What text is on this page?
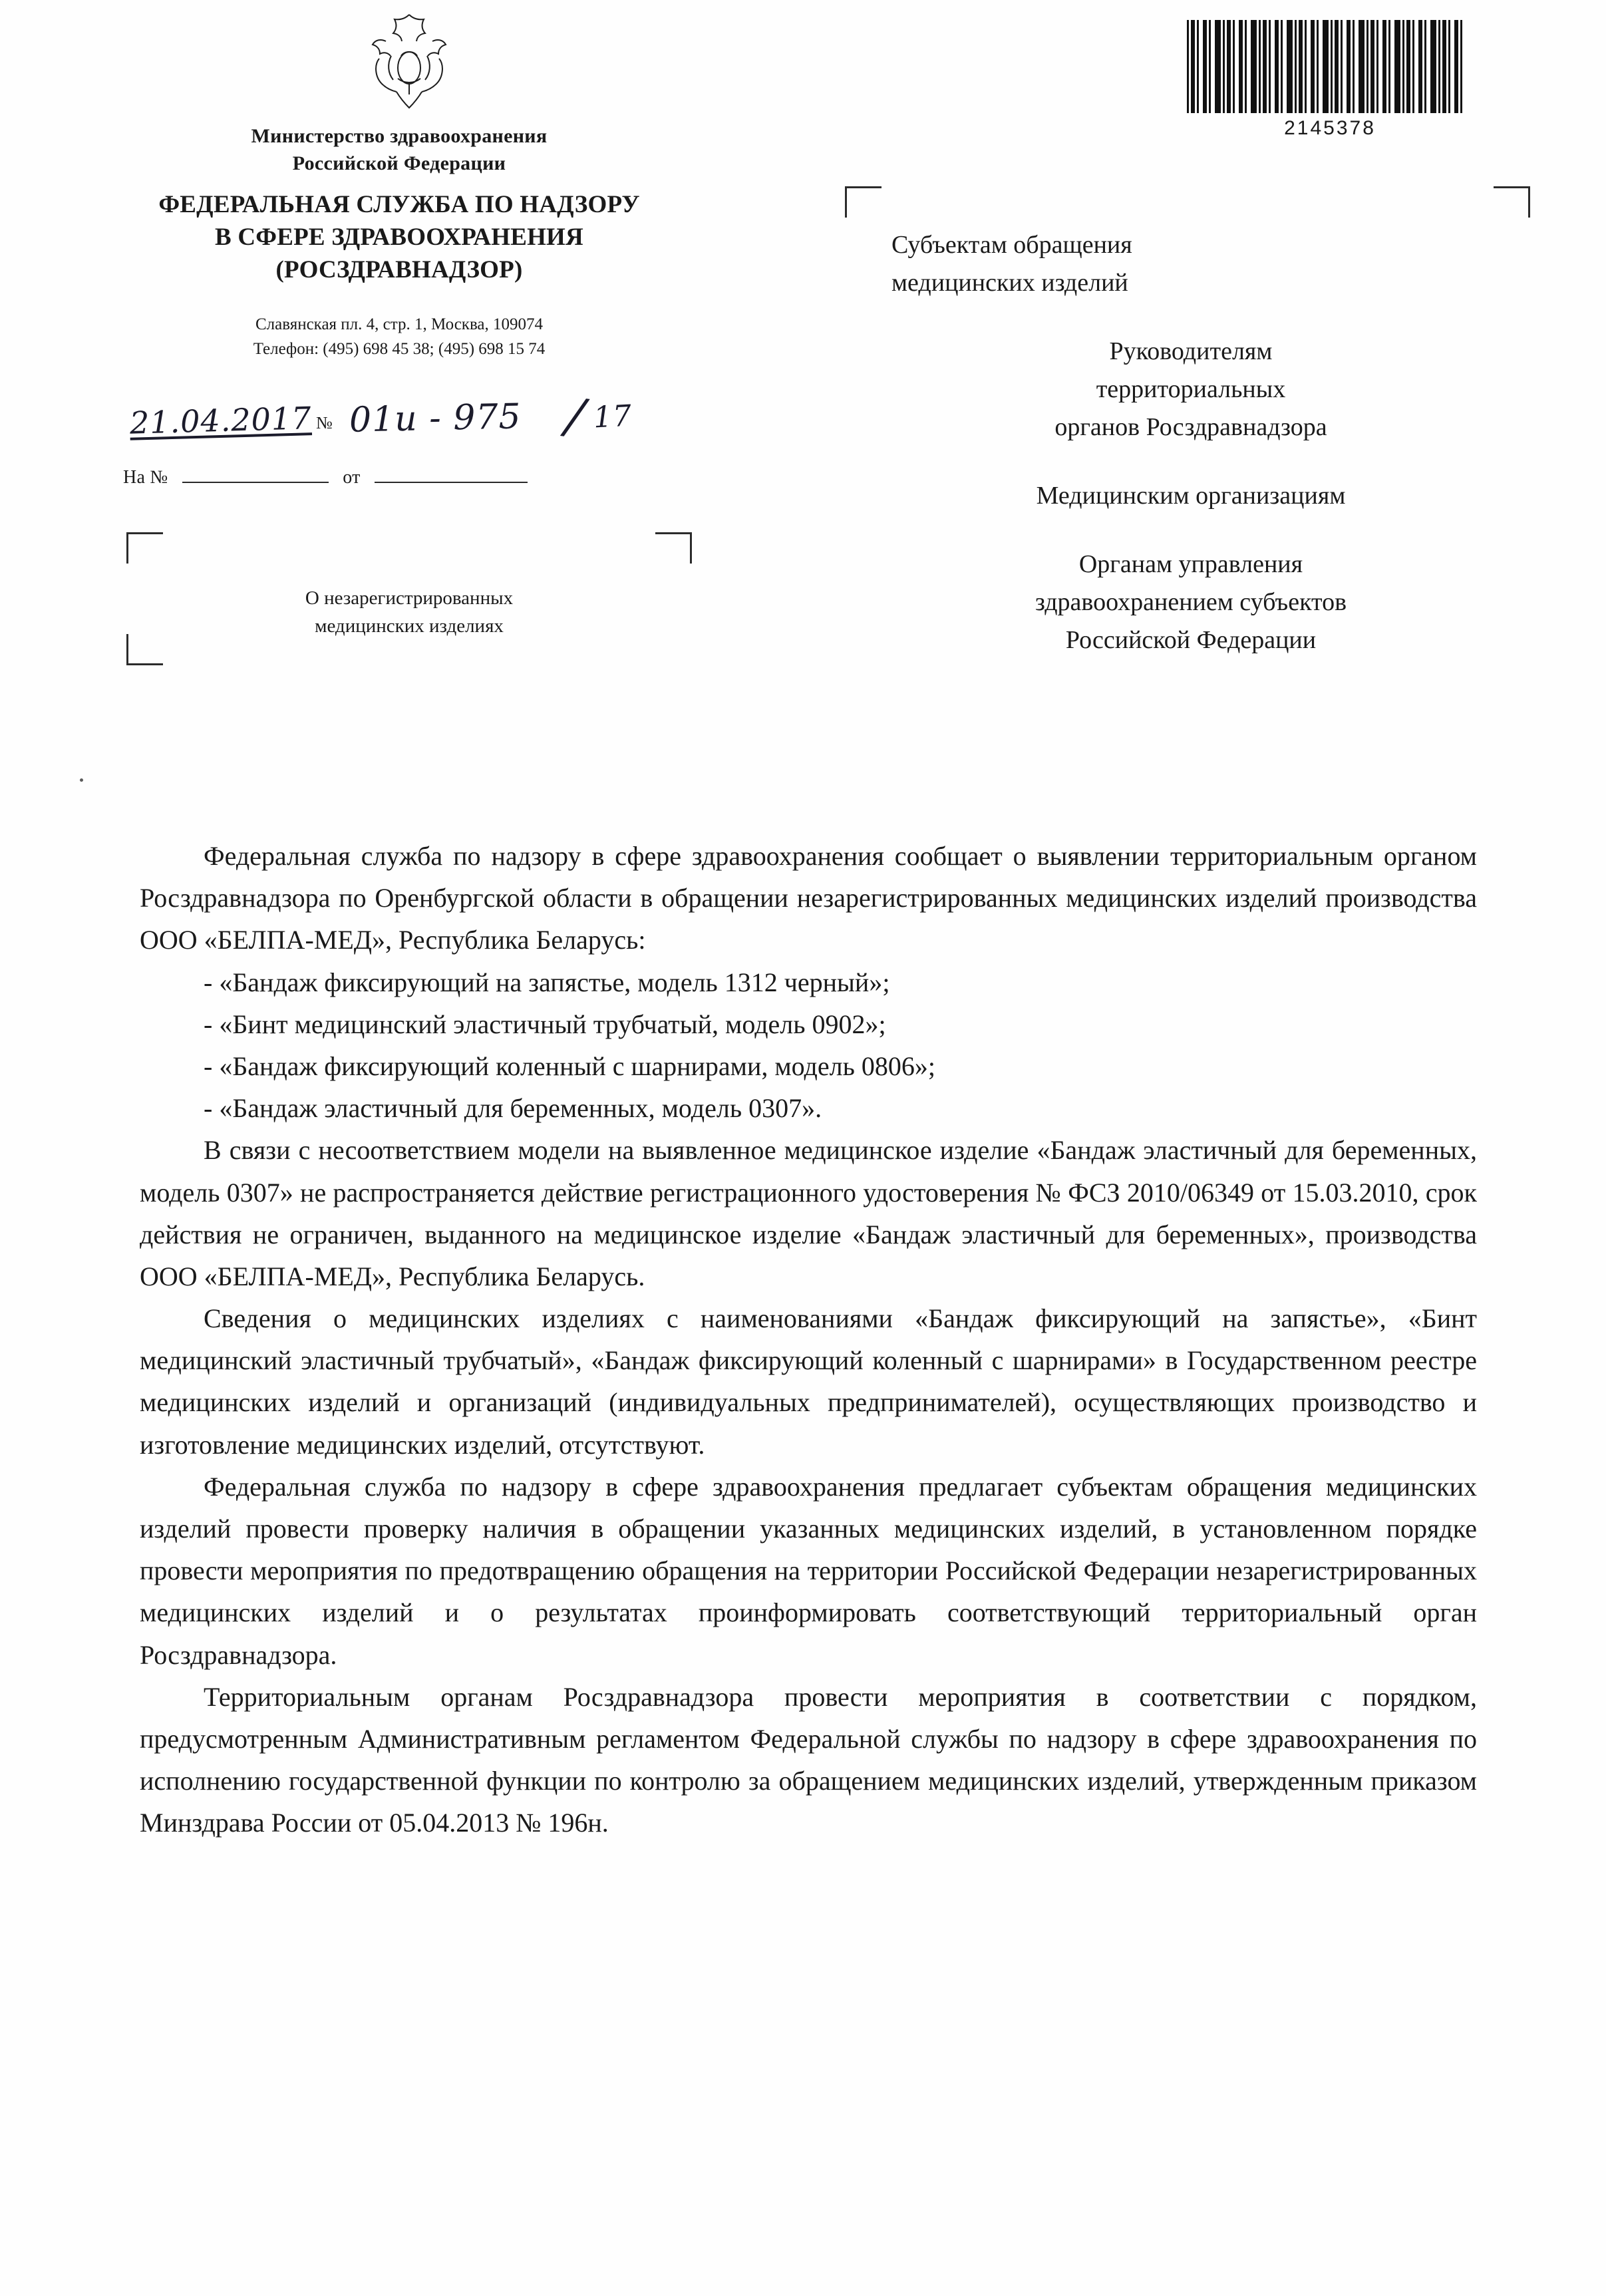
2145378
Министерство здравоохранения
Российской Федерации
ФЕДЕРАЛЬНАЯ СЛУЖБА ПО НАДЗОРУ
В СФЕРЕ ЗДРАВООХРАНЕНИЯ
(РОСЗДРАВНАДЗОР)
Славянская пл. 4, стр. 1, Москва, 109074
Телефон: (495) 698 45 38; (495) 698 15 74
21.04.2017 № 01и - 975 / 17
На №	от
О незарегистрированных
медицинских изделиях
Субъектам обращения
медицинских изделий
Руководителям
территориальных
органов Росздравнадзора
Медицинским организациям
Органам управления
здравоохранением субъектов
Российской Федерации

Федеральная служба по надзору в сфере здравоохранения сообщает о выявлении территориальным органом Росздравнадзора по Оренбургской области в обращении незарегистрированных медицинских изделий производства ООО «БЕЛПА-МЕД», Республика Беларусь:

- «Бандаж фиксирующий на запястье, модель 1312 черный»;

- «Бинт медицинский эластичный трубчатый, модель 0902»;

- «Бандаж фиксирующий коленный с шарнирами, модель 0806»;

- «Бандаж эластичный для беременных, модель 0307».

В связи с несоответствием модели на выявленное медицинское изделие «Бандаж эластичный для беременных, модель 0307» не распространяется действие регистрационного удостоверения № ФСЗ 2010/06349 от 15.03.2010, срок действия не ограничен, выданного на медицинское изделие «Бандаж эластичный для беременных», производства ООО «БЕЛПА-МЕД», Республика Беларусь.

Сведения о медицинских изделиях с наименованиями «Бандаж фиксирующий на запястье», «Бинт медицинский эластичный трубчатый», «Бандаж фиксирующий коленный с шарнирами» в Государственном реестре медицинских изделий и организаций (индивидуальных предпринимателей), осуществляющих производство и изготовление медицинских изделий, отсутствуют.

Федеральная служба по надзору в сфере здравоохранения предлагает субъектам обращения медицинских изделий провести проверку наличия в обращении указанных медицинских изделий, в установленном порядке провести мероприятия по предотвращению обращения на территории Российской Федерации незарегистрированных медицинских изделий и о результатах проинформировать соответствующий территориальный орган Росздравнадзора.

Территориальным органам Росздравнадзора провести мероприятия в соответствии с порядком, предусмотренным Административным регламентом Федеральной службы по надзору в сфере здравоохранения по исполнению государственной функции по контролю за обращением медицинских изделий, утвержденным приказом Минздрава России от 05.04.2013 № 196н.
